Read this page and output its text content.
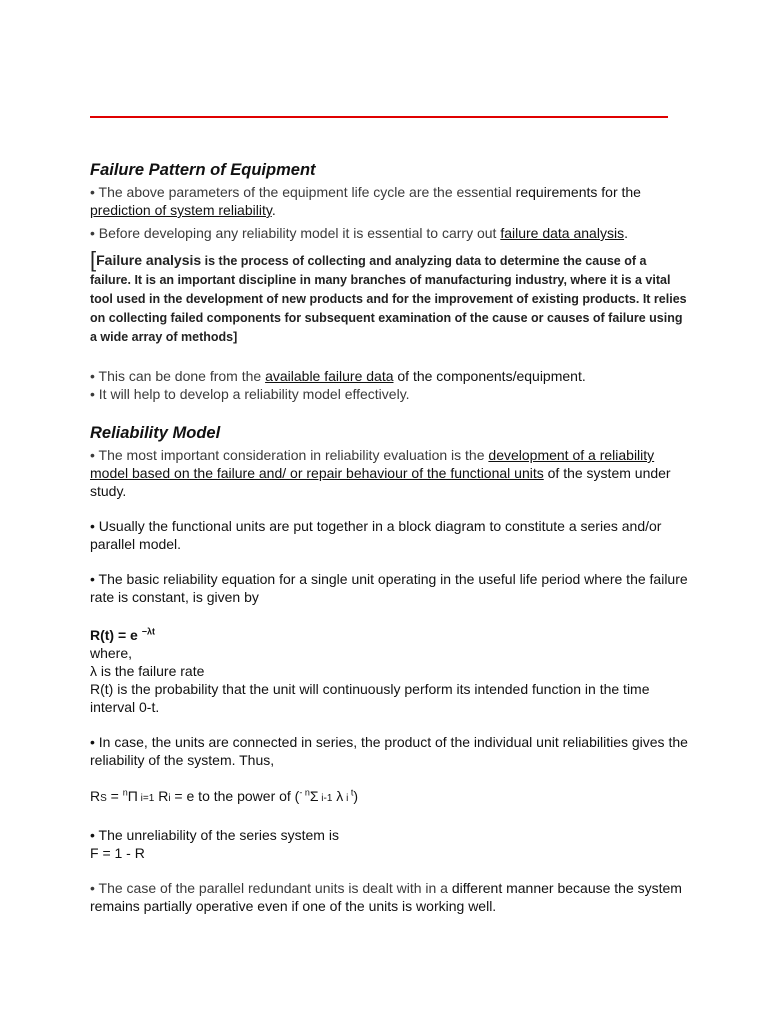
Failure Pattern of Equipment

• The above parameters of the equipment life cycle are the essential requirements for the prediction of system reliability.

• Before developing any reliability model it is essential to carry out failure data analysis.

[Failure analysis is the process of collecting and analyzing data to determine the cause of a failure. It is an important discipline in many branches of manufacturing industry, where it is a vital tool used in the development of new products and for the improvement of existing products. It relies on collecting failed components for subsequent examination of the cause or causes of failure using a wide array of methods]

• This can be done from the available failure data of the components/equipment.

• It will help to develop a reliability model effectively.

Reliability Model

• The most important consideration in reliability evaluation is the development of a reliability model based on the failure and/ or repair behaviour of the functional units of the system under study.

• Usually the functional units are put together in a block diagram to constitute a series and/or parallel model.

• The basic reliability equation for a single unit operating in the useful life period where the failure rate is constant, is given by

R(t) = e $^{-\lambda t}$

where,

λ is the failure rate

R(t) is the probability that the unit will continuously perform its intended function in the time interval 0-t.

• In case, the units are connected in series, the product of the individual unit reliabilities gives the reliability of the system. Thus,

RS = $^n$Π i=1 Ri = e to the power of (- $^n$Σ i-1 λ i $^t$)

• The unreliability of the series system is

F = 1 - R

• The case of the parallel redundant units is dealt with in a different manner because the system remains partially operative even if one of the units is working well.
